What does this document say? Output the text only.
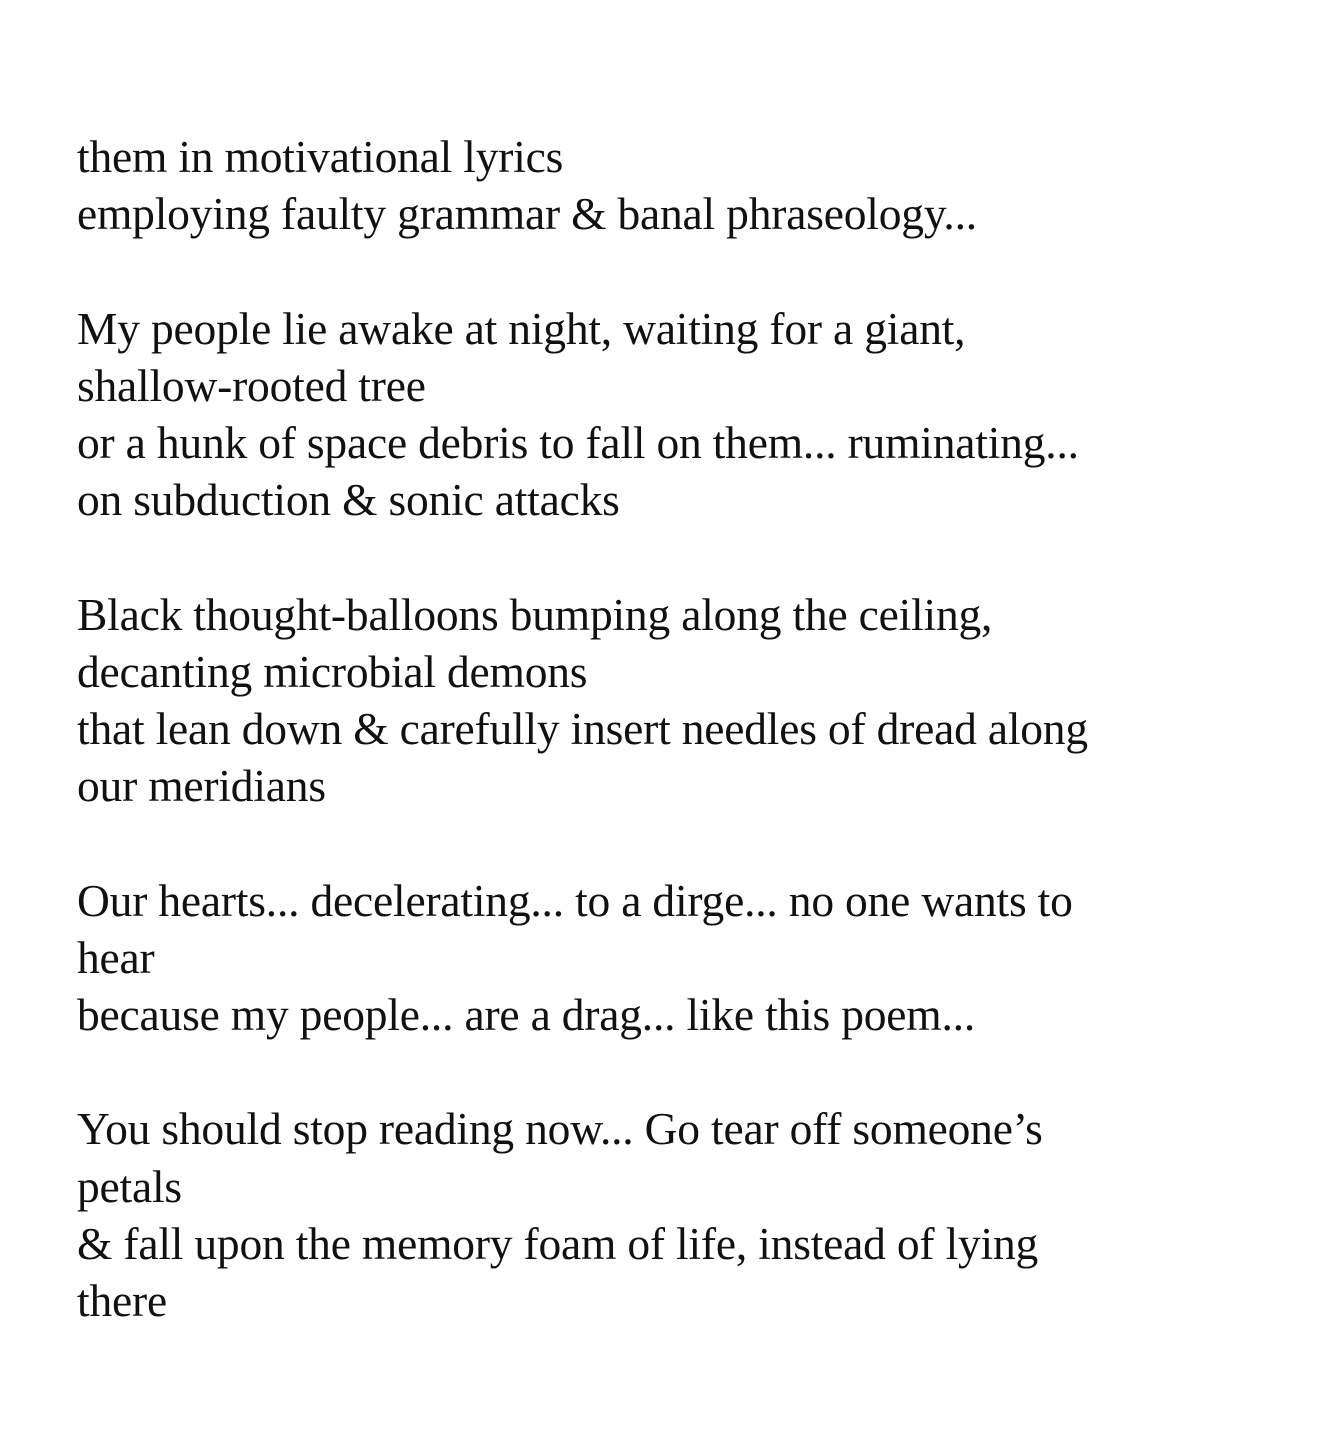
them in motivational lyrics
employing faulty grammar & banal phraseology...
My people lie awake at night, waiting for a giant,
shallow-rooted tree
or a hunk of space debris to fall on them... ruminating...
on subduction & sonic attacks
Black thought-balloons bumping along the ceiling,
decanting microbial demons
that lean down & carefully insert needles of dread along
our meridians
Our hearts... decelerating... to a dirge... no one wants to
hear
because my people... are a drag... like this poem...
You should stop reading now... Go tear off someone’s
petals
& fall upon the memory foam of life, instead of lying
there
